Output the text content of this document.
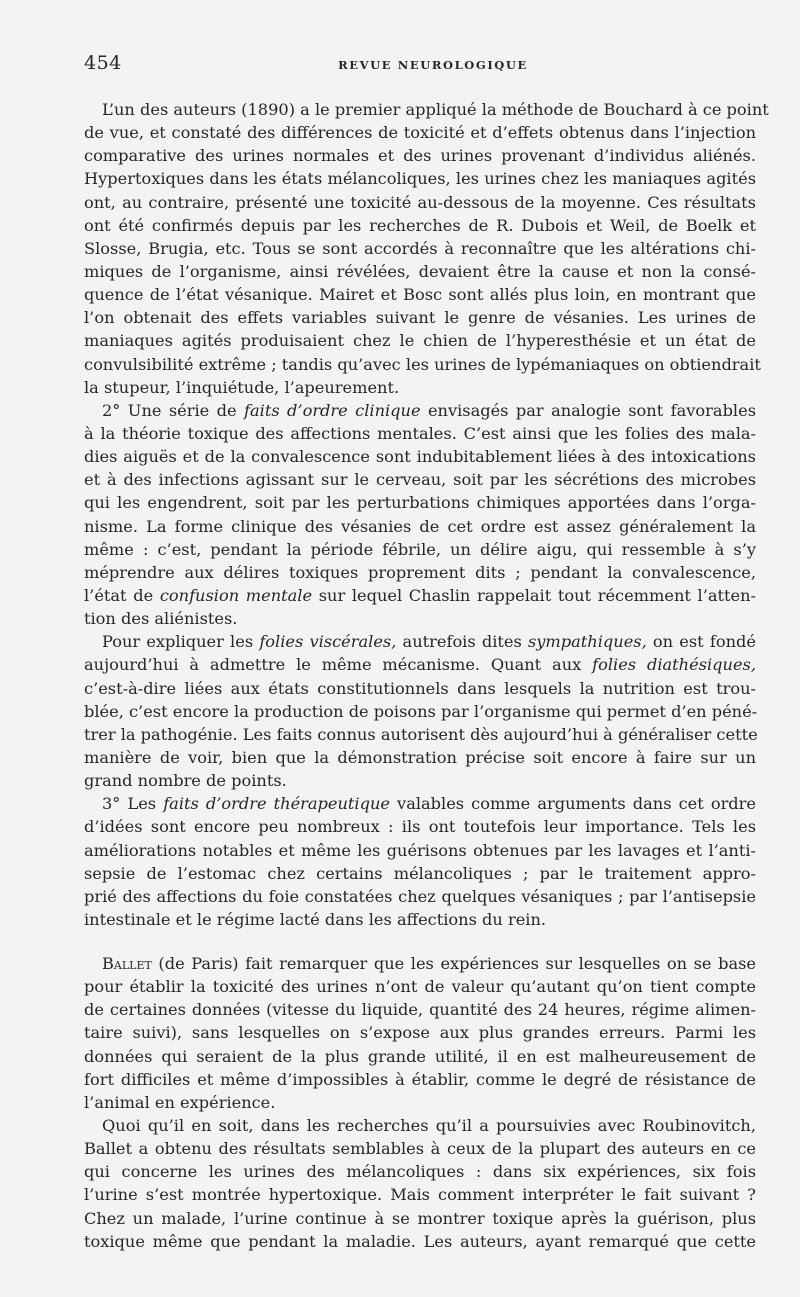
454	REVUE NEUROLOGIQUE
L’un des auteurs (1890) a le premier appliqué la méthode de Bouchard à ce point
de vue, et constaté des différences de toxicité et d’effets obtenus dans l’injection
comparative des urines normales et des urines provenant d’individus aliénés.
Hypertoxiques dans les états mélancoliques, les urines chez les maniaques agités
ont, au contraire, présenté une toxicité au-dessous de la moyenne. Ces résultats
ont été confirmés depuis par les recherches de R. Dubois et Weil, de Boelk et
Slosse, Brugia, etc. Tous se sont accordés à reconnaître que les altérations chi-
miques de l’organisme, ainsi révélées, devaient être la cause et non la consé-
quence de l’état vésanique. Mairet et Bosc sont allés plus loin, en montrant que
l’on obtenait des effets variables suivant le genre de vésanies. Les urines de
maniaques agités produisaient chez le chien de l’hyperesthésie et un état de
convulsibilité extrême ; tandis qu’avec les urines de lypémaniaques on obtiendrait
la stupeur, l’inquiétude, l’apeurement.
2° Une série de faits d’ordre clinique envisagés par analogie sont favorables
à la théorie toxique des affections mentales. C’est ainsi que les folies des mala-
dies aiguës et de la convalescence sont indubitablement liées à des intoxications
et à des infections agissant sur le cerveau, soit par les sécrétions des microbes
qui les engendrent, soit par les perturbations chimiques apportées dans l’orga-
nisme. La forme clinique des vésanies de cet ordre est assez généralement la
même : c’est, pendant la période fébrile, un délire aigu, qui ressemble à s’y
méprendre aux délires toxiques proprement dits ; pendant la convalescence,
l’état de confusion mentale sur lequel Chaslin rappelait tout récemment l’atten-
tion des aliénistes.
Pour expliquer les folies viscérales, autrefois dites sympathiques, on est fondé
aujourd’hui à admettre le même mécanisme. Quant aux folies diathésiques,
c’est-à-dire liées aux états constitutionnels dans lesquels la nutrition est trou-
blée, c’est encore la production de poisons par l’organisme qui permet d’en péné-
trer la pathogénie. Les faits connus autorisent dès aujourd’hui à généraliser cette
manière de voir, bien que la démonstration précise soit encore à faire sur un
grand nombre de points.
3° Les faits d’ordre thérapeutique valables comme arguments dans cet ordre
d’idées sont encore peu nombreux : ils ont toutefois leur importance. Tels les
améliorations notables et même les guérisons obtenues par les lavages et l’anti-
sepsie de l’estomac chez certains mélancoliques ; par le traitement appro-
prié des affections du foie constatées chez quelques vésaniques ; par l’antisepsie
intestinale et le régime lacté dans les affections du rein.
Ballet (de Paris) fait remarquer que les expériences sur lesquelles on se base
pour établir la toxicité des urines n’ont de valeur qu’autant qu’on tient compte
de certaines données (vitesse du liquide, quantité des 24 heures, régime alimen-
taire suivi), sans lesquelles on s’expose aux plus grandes erreurs. Parmi les
données qui seraient de la plus grande utilité, il en est malheureusement de
fort difficiles et même d’impossibles à établir, comme le degré de résistance de
l’animal en expérience.
Quoi qu’il en soit, dans les recherches qu’il a poursuivies avec Roubinovitch,
Ballet a obtenu des résultats semblables à ceux de la plupart des auteurs en ce
qui concerne les urines des mélancoliques : dans six expériences, six fois
l’urine s’est montrée hypertoxique. Mais comment interpréter le fait suivant ?
Chez un malade, l’urine continue à se montrer toxique après la guérison, plus
toxique même que pendant la maladie. Les auteurs, ayant remarqué que cette
